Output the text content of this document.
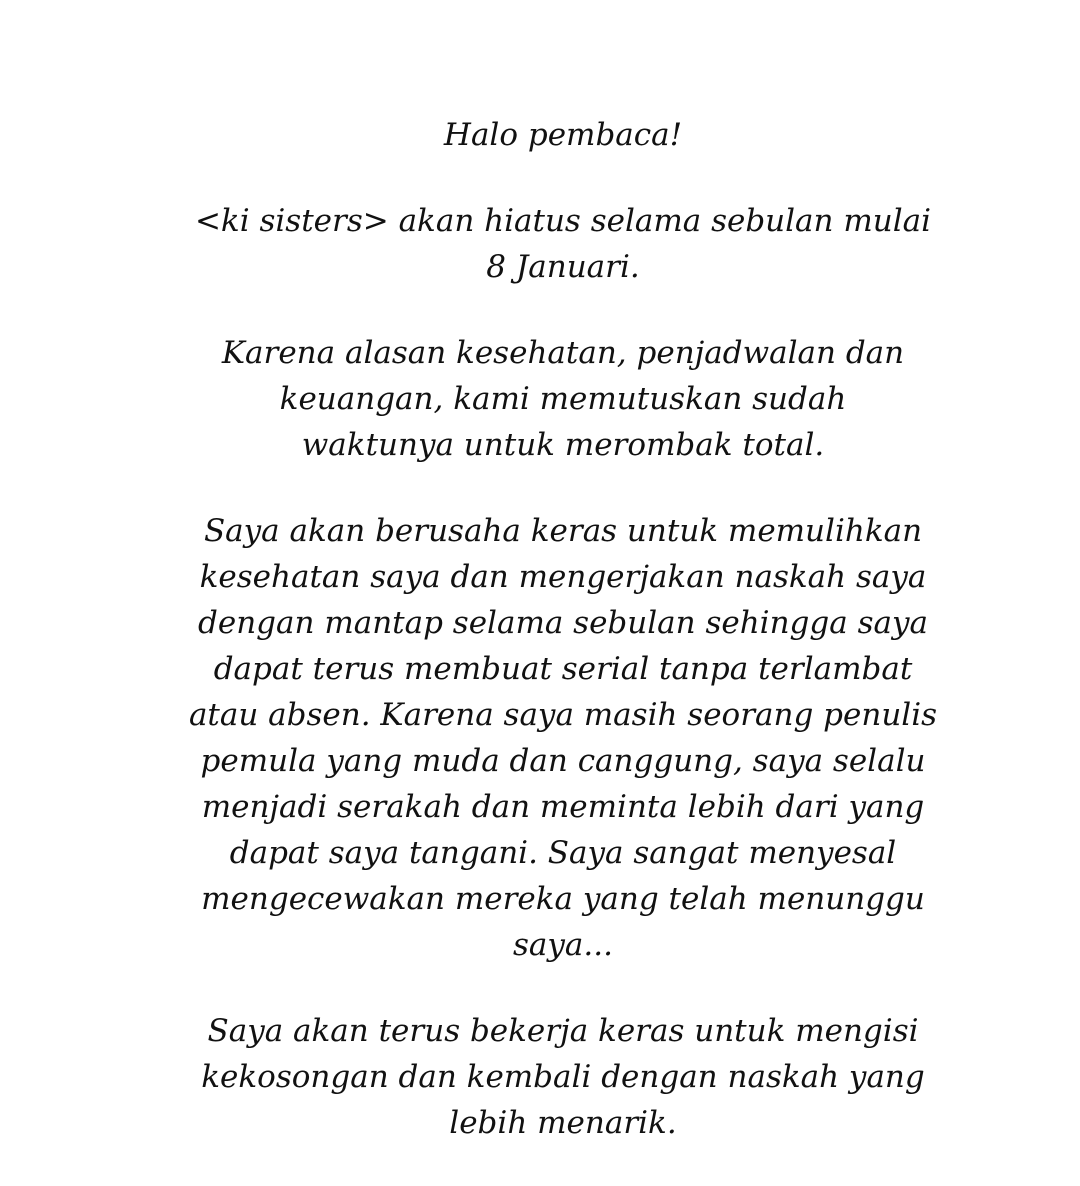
Halo pembaca!

<ki sisters> akan hiatus selama sebulan mulai 8 Januari.

Karena alasan kesehatan, penjadwalan dan keuangan, kami memutuskan sudah waktunya untuk merombak total.

Saya akan berusaha keras untuk memulihkan kesehatan saya dan mengerjakan naskah saya dengan mantap selama sebulan sehingga saya dapat terus membuat serial tanpa terlambat atau absen. Karena saya masih seorang penulis pemula yang muda dan canggung, saya selalu menjadi serakah dan meminta lebih dari yang dapat saya tangani. Saya sangat menyesal mengecewakan mereka yang telah menunggu saya...

Saya akan terus bekerja keras untuk mengisi kekosongan dan kembali dengan naskah yang lebih menarik.
